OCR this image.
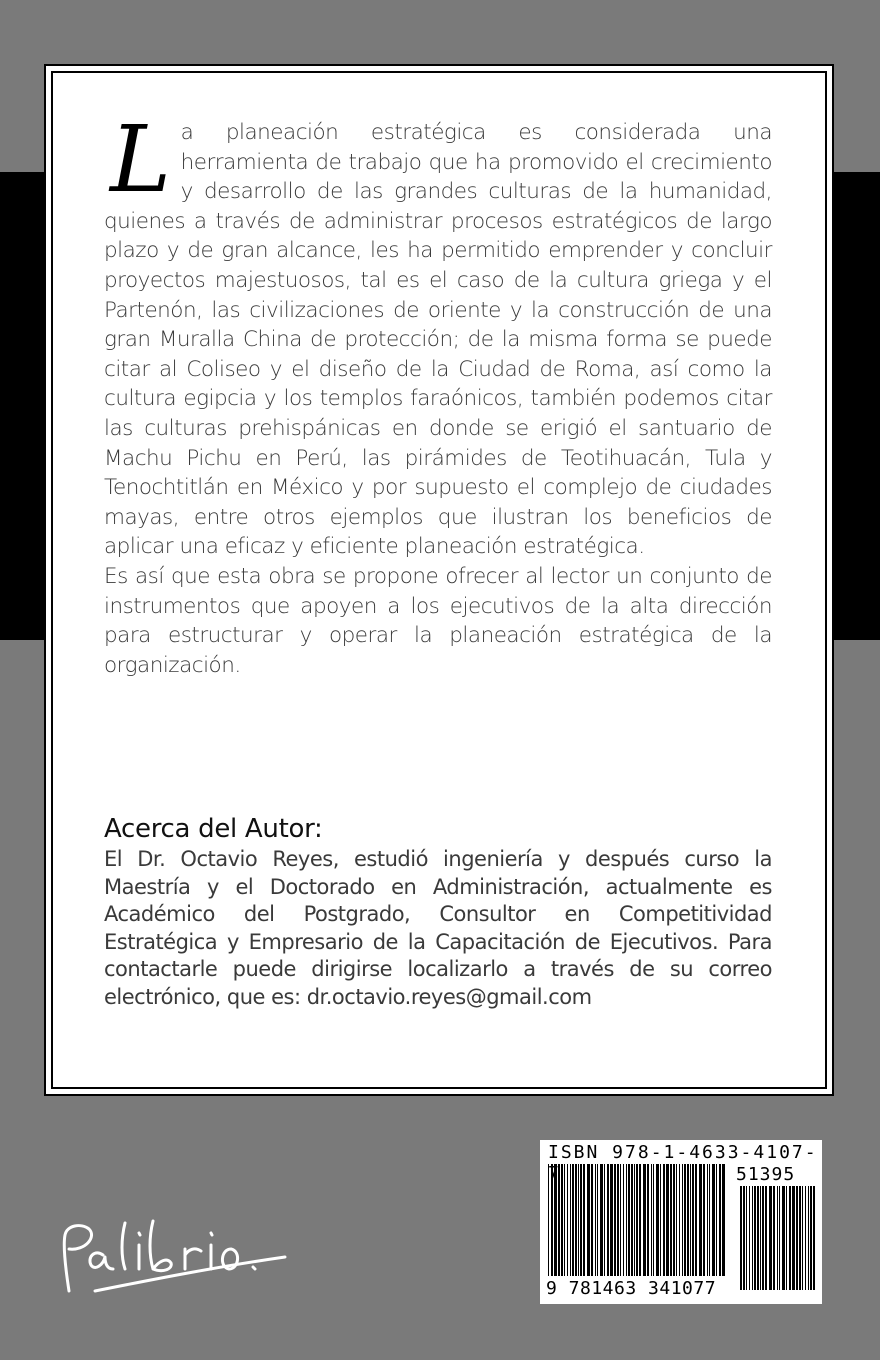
L a planeación estratégica es considerada una herramienta de trabajo que ha promovido el crecimiento y desarrollo de las grandes culturas de la humanidad, quienes a través de administrar procesos estratégicos de largo plazo y de gran alcance, les ha permitido emprender y concluir proyectos majestuosos, tal es el caso de la cultura griega y el Partenón, las civilizaciones de oriente y la construcción de una gran Muralla China de protección; de la misma forma se puede citar al Coliseo y el diseño de la Ciudad de Roma, así como la cultura egipcia y los templos faraónicos, también podemos citar las culturas prehispánicas en donde se erigió el santuario de Machu Pichu en Perú, las pirámides de Teotihuacán, Tula y Tenochtitlán en México y por supuesto el complejo de ciudades mayas, entre otros ejemplos que ilustran los beneficios de aplicar una eficaz y eficiente planeación estratégica.

Es así que esta obra se propone ofrecer al lector un conjunto de instrumentos que apoyen a los ejecutivos de la alta dirección para estructurar y operar la planeación estratégica de la organización.

Acerca del Autor:
El Dr. Octavio Reyes, estudió ingeniería y después curso la Maestría y el Doctorado en Administración, actualmente es Académico del Postgrado, Consultor en Competitividad Estratégica y Empresario de la Capacitación de Ejecutivos. Para contactarle puede dirigirse localizarlo a través de su correo electrónico, que es: dr.octavio.reyes@gmail.com
ISBN 978-1-4633-4107-
51395
9 781463 341077
